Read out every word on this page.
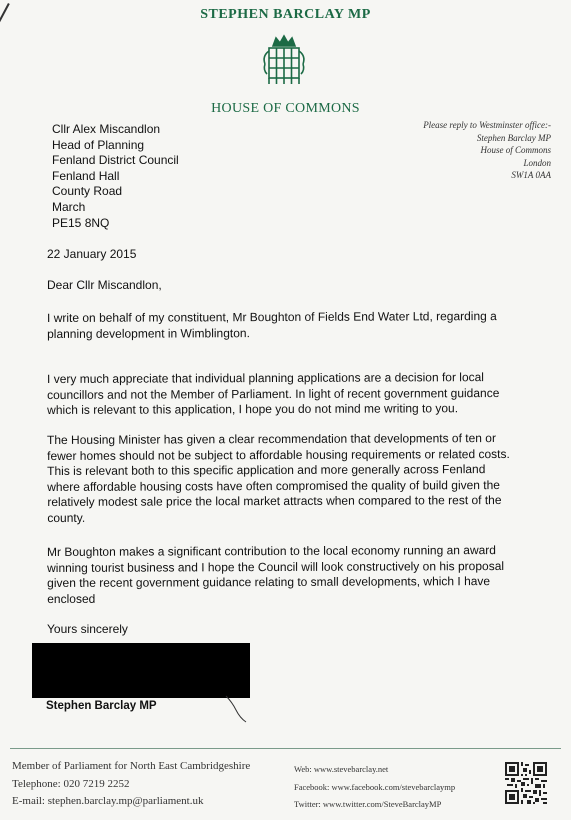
STEPHEN BARCLAY MP
HOUSE OF COMMONS
Please reply to Westminster office:-
Stephen Barclay MP
House of Commons
London
SW1A 0AA
Cllr Alex Miscandlon
Head of Planning
Fenland District Council
Fenland Hall
County Road
March
PE15 8NQ
22 January 2015
Dear Cllr Miscandlon,
I write on behalf of my constituent, Mr Boughton of Fields End Water Ltd, regarding a planning development in Wimblington.
I very much appreciate that individual planning applications are a decision for local councillors and not the Member of Parliament. In light of recent government guidance which is relevant to this application, I hope you do not mind me writing to you.
The Housing Minister has given a clear recommendation that developments of ten or fewer homes should not be subject to affordable housing requirements or related costs. This is relevant both to this specific application and more generally across Fenland where affordable housing costs have often compromised the quality of build given the relatively modest sale price the local market attracts when compared to the rest of the county.
Mr Boughton makes a significant contribution to the local economy running an award winning tourist business and I hope the Council will look constructively on his proposal given the recent government guidance relating to small developments, which I have enclosed
Yours sincerely
Stephen Barclay MP
Member of Parliament for North East Cambridgeshire
Telephone: 020 7219 2252
E-mail: stephen.barclay.mp@parliament.uk
Web: www.stevebarclay.net
Facebook: www.facebook.com/stevebarclaymp
Twitter: www.twitter.com/SteveBarclayMP
